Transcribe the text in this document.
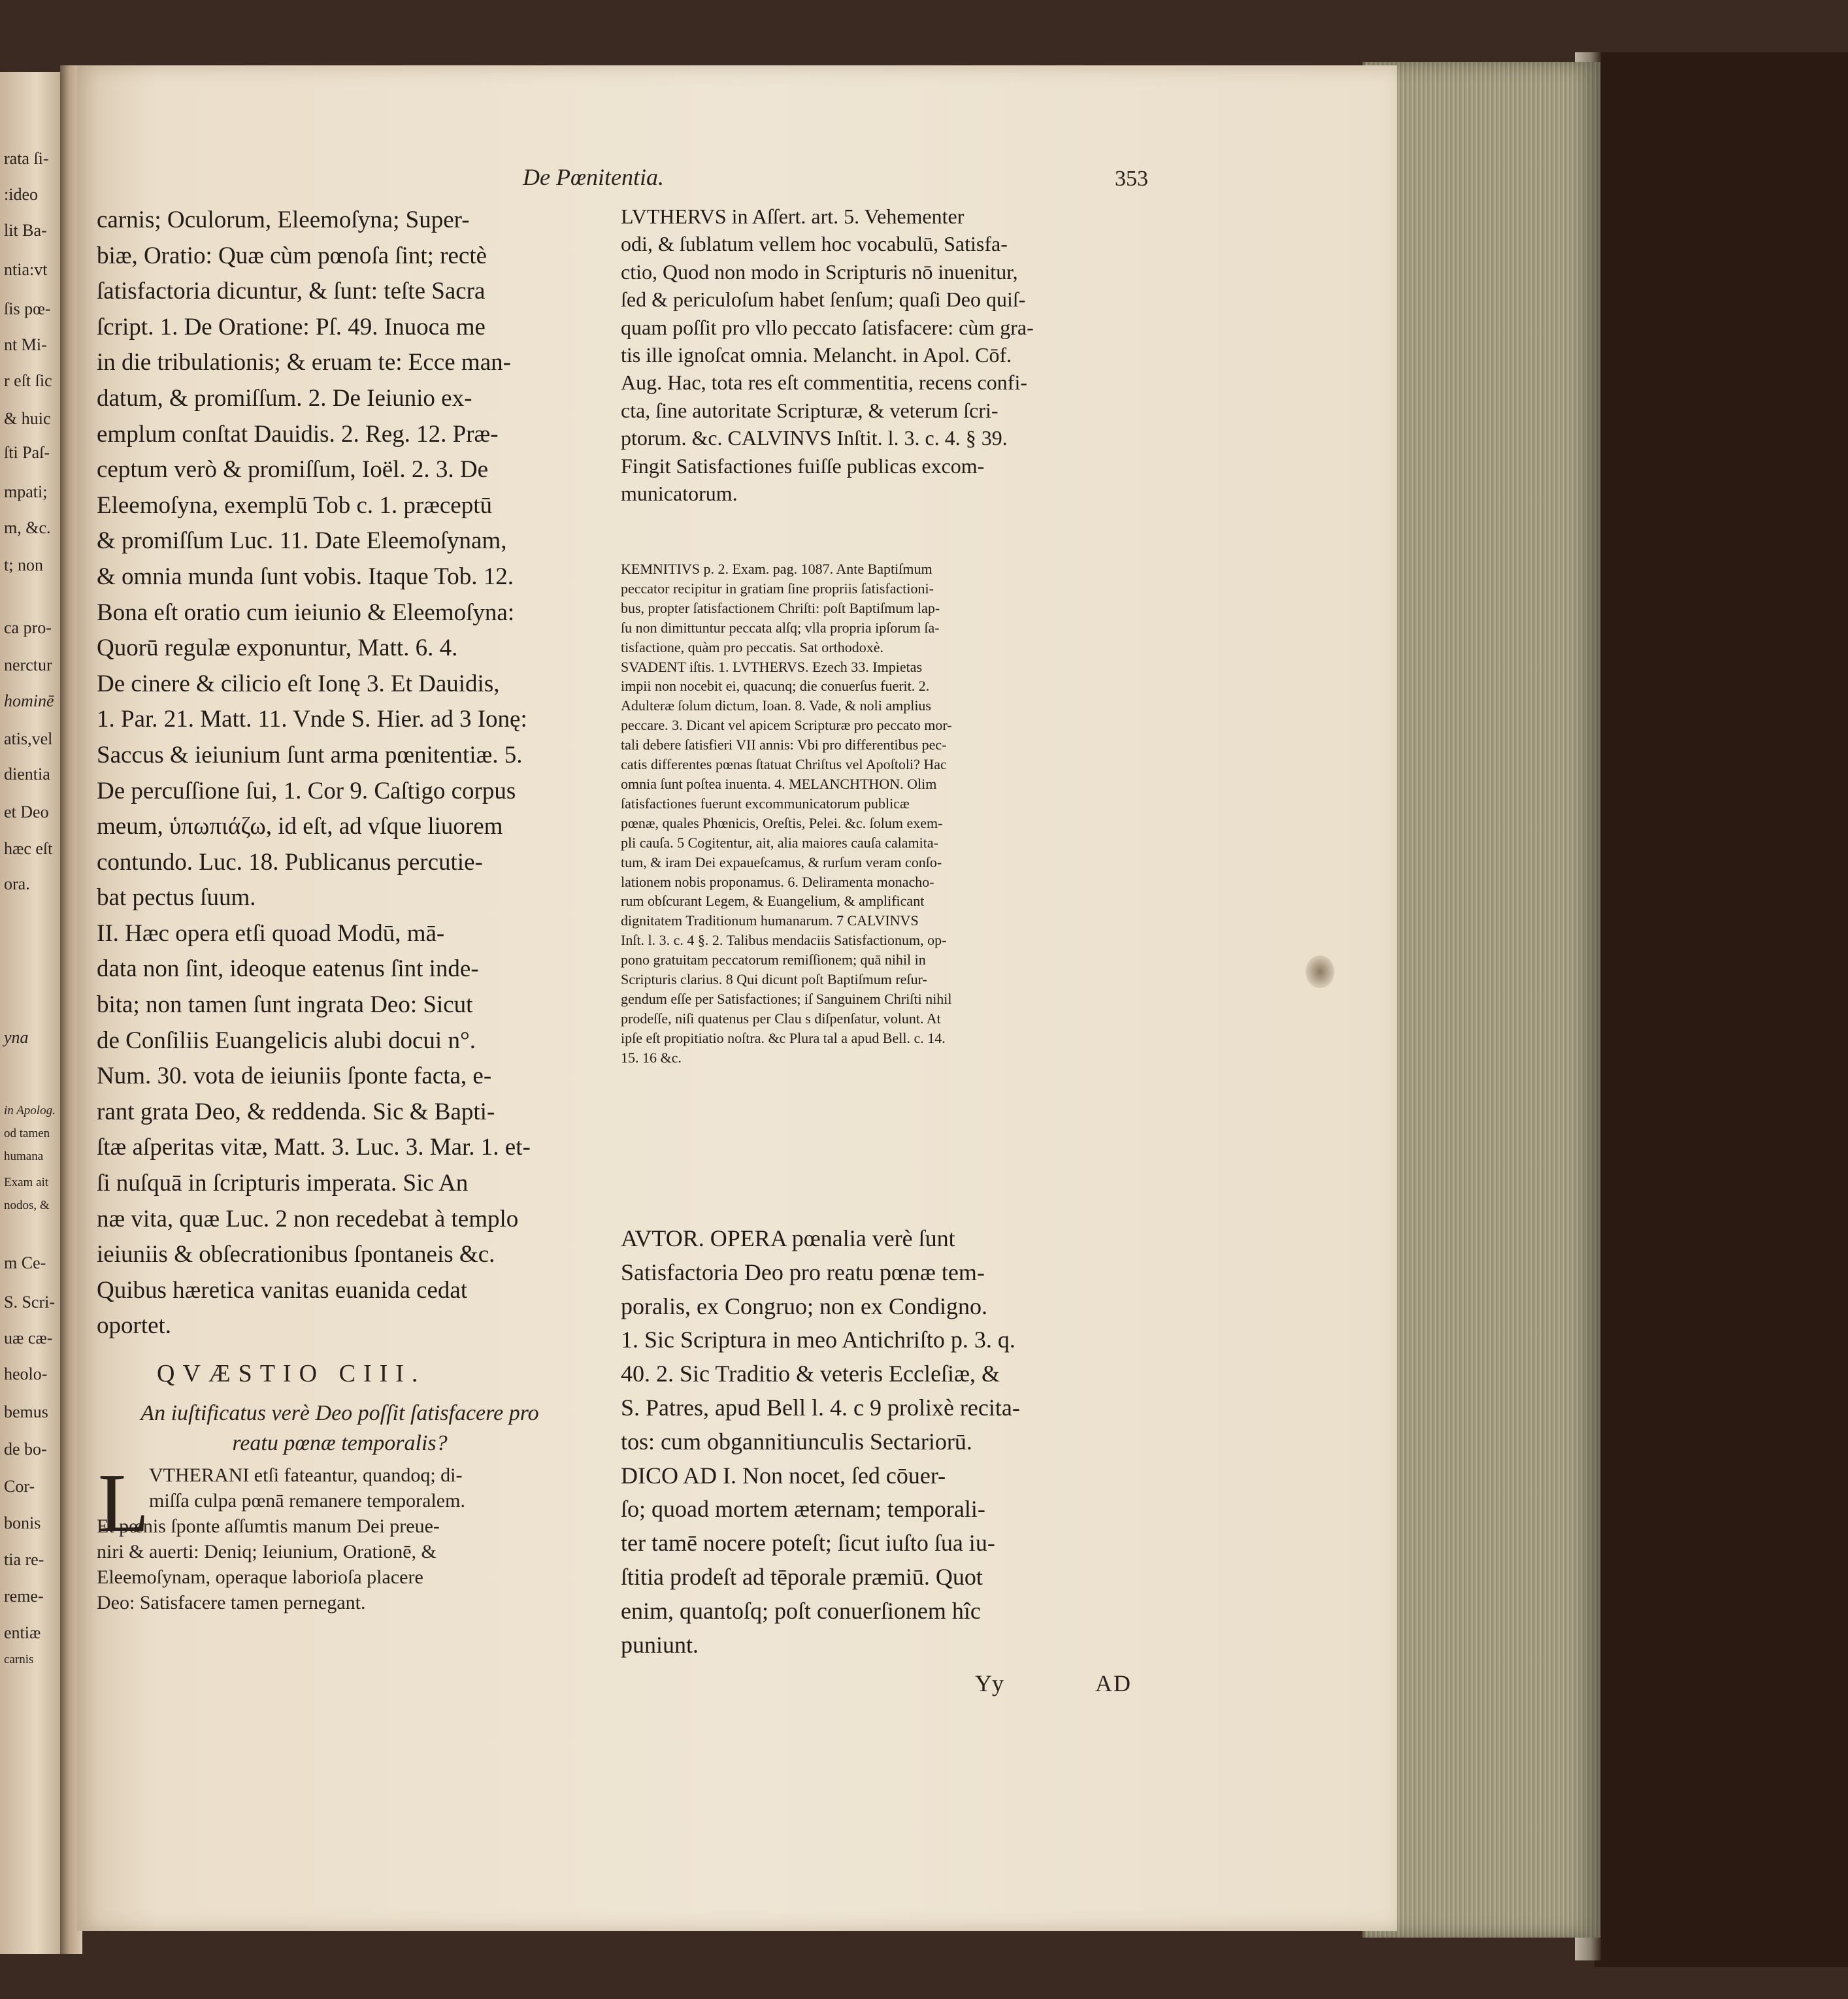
rata ſi-
:ideo
lit Ba-
ntia:vt
ſis pœ-
nt Mi-
r eſt ſic
& huic
ſti Paſ-
mpati;
m, &c.
t; non
ca pro-
nerctur
hominē
atis,vel
dientia
et Deo
hæc eſt
ora.
yna
in Apolog.
od tamen
humana
Exam ait
nodos, &
m Ce-
S. Scri-
uæ cæ-
heolo-
bemus
de bo-
Cor-
bonis
tia re-
reme-
entiæ
carnis
De Pœnitentia.	353
carnis; Oculorum, Eleemoſyna; Super-
biæ, Oratio: Quæ cùm pœnoſa ſint; rectè
ſatisfactoria dicuntur, & ſunt: teſte Sacra
ſcript. 1. De Oratione: Pſ. 49. Inuoca me
in die tribulationis; & eruam te: Ecce man-
datum, & promiſſum. 2. De Ieiunio ex-
emplum conſtat Dauidis. 2. Reg. 12. Præ-
ceptum verò & promiſſum, Ioël. 2. 3. De
Eleemoſyna, exemplū Tob c. 1. præceptū
& promiſſum Luc. 11. Date Eleemoſynam,
& omnia munda ſunt vobis. Itaque Tob. 12.
Bona eſt oratio cum ieiunio & Eleemoſyna:
Quorū regulæ exponuntur, Matt. 6. 4.
De cinere & cilicio eſt Ionę 3. Et Dauidis,
1. Par. 21. Matt. 11. Vnde S. Hier. ad 3 Ionę:
Saccus & ieiunium ſunt arma pœnitentiæ. 5.
De percuſſione ſui, 1. Cor 9. Caſtigo corpus
meum, ὑπωπιάζω, id eſt, ad vſque liuorem
contundo. Luc. 18. Publicanus percutie-
bat pectus ſuum.
II. Hæc opera etſi quoad Modū, mā-
data non ſint, ideoque eatenus ſint inde-
bita; non tamen ſunt ingrata Deo: Sicut
de Conſiliis Euangelicis alubi docui n°.
Num. 30. vota de ieiuniis ſponte facta, e-
rant grata Deo, & reddenda. Sic & Bapti-
ſtæ aſperitas vitæ, Matt. 3. Luc. 3. Mar. 1. et-
ſi nuſquā in ſcripturis imperata. Sic An
næ vita, quæ Luc. 2 non recedebat à templo
ieiuniis & obſecrationibus ſpontaneis &c.
Quibus hæretica vanitas euanida cedat
oportet.
QVÆSTIO CIII.
An iuſtificatus verè Deo poſſit ſatisfacere pro
reatu pœnæ temporalis?
L VTHERANI etſi fateantur, quandoq; di-
miſſa culpa pœnā remanere temporalem.
Et pœnis ſponte aſſumtis manum Dei preue-
niri & auerti: Deniq; Ieiunium, Orationē, &
Eleemoſynam, operaque laborioſa placere
Deo: Satisfacere tamen pernegant.
LVTHERVS in Aſſert. art. 5. Vehementer
odi, & ſublatum vellem hoc vocabulū, Satisfa-
ctio, Quod non modo in Scripturis nō inuenitur,
ſed & periculoſum habet ſenſum; quaſi Deo quiſ-
quam poſſit pro vllo peccato ſatisfacere: cùm gra-
tis ille ignoſcat omnia. Melancht. in Apol. Cōf.
Aug. Hac, tota res eſt commentitia, recens confi-
cta, ſine autoritate Scripturæ, & veterum ſcri-
ptorum. &c. CALVINVS Inſtit. l. 3. c. 4. § 39.
Fingit Satisfactiones fuiſſe publicas excom-
municatorum.
KEMNITIVS p. 2. Exam. pag. 1087. Ante Baptiſmum
peccator recipitur in gratiam ſine propriis ſatisfactioni-
bus, propter ſatisfactionem Chriſti: poſt Baptiſmum lap-
ſu non dimittuntur peccata alſq; vlla propria ipſorum ſa-
tisfactione, quàm pro peccatis. Sat orthodoxè.
SVADENT iſtis. 1. LVTHERVS. Ezech 33. Impietas
impii non nocebit ei, quacunq; die conuerſus fuerit. 2.
Adulteræ ſolum dictum, Ioan. 8. Vade, & noli amplius
peccare. 3. Dicant vel apicem Scripturæ pro peccato mor-
tali debere ſatisfieri VII annis: Vbi pro differentibus pec-
catis differentes pœnas ſtatuat Chriſtus vel Apoſtoli? Hac
omnia ſunt poſtea inuenta. 4. MELANCHTHON. Olim
ſatisfactiones fuerunt excommunicatorum publicæ
pœnæ, quales Phœnicis, Oreſtis, Pelei. &c. ſolum exem-
pli cauſa. 5 Cogitentur, ait, alia maiores cauſa calamita-
tum, & iram Dei expaueſcamus, & rurſum veram conſo-
lationem nobis proponamus. 6. Deliramenta monacho-
rum obſcurant Legem, & Euangelium, & amplificant
dignitatem Traditionum humanarum. 7 CALVINVS
Inſt. l. 3. c. 4 §. 2. Talibus mendaciis Satisfactionum, op-
pono gratuitam peccatorum remiſſionem; quā nihil in
Scripturis clarius. 8 Qui dicunt poſt Baptiſmum reſur-
gendum eſſe per Satisfactiones; iſ Sanguinem Chriſti nihil
prodeſſe, niſi quatenus per Clau s diſpenſatur, volunt. At
ipſe eſt propitiatio noſtra. &c Plura tal a apud Bell. c. 14.
15. 16 &c.
AVTOR. OPERA pœnalia verè ſunt
Satisfactoria Deo pro reatu pœnæ tem-
poralis, ex Congruo; non ex Condigno.
1. Sic Scriptura in meo Antichriſto p. 3. q.
40. 2. Sic Traditio & veteris Eccleſiæ, &
S. Patres, apud Bell l. 4. c 9 prolixè recita-
tos: cum obgannitiunculis Sectariorū.
DICO AD I. Non nocet, ſed cōuer-
ſo; quoad mortem æternam; temporali-
ter tamē nocere poteſt; ſicut iuſto ſua iu-
ſtitia prodeſt ad tēporale præmiū. Quot
enim, quantoſq; poſt conuerſionem hîc
puniunt.
Yy	AD
